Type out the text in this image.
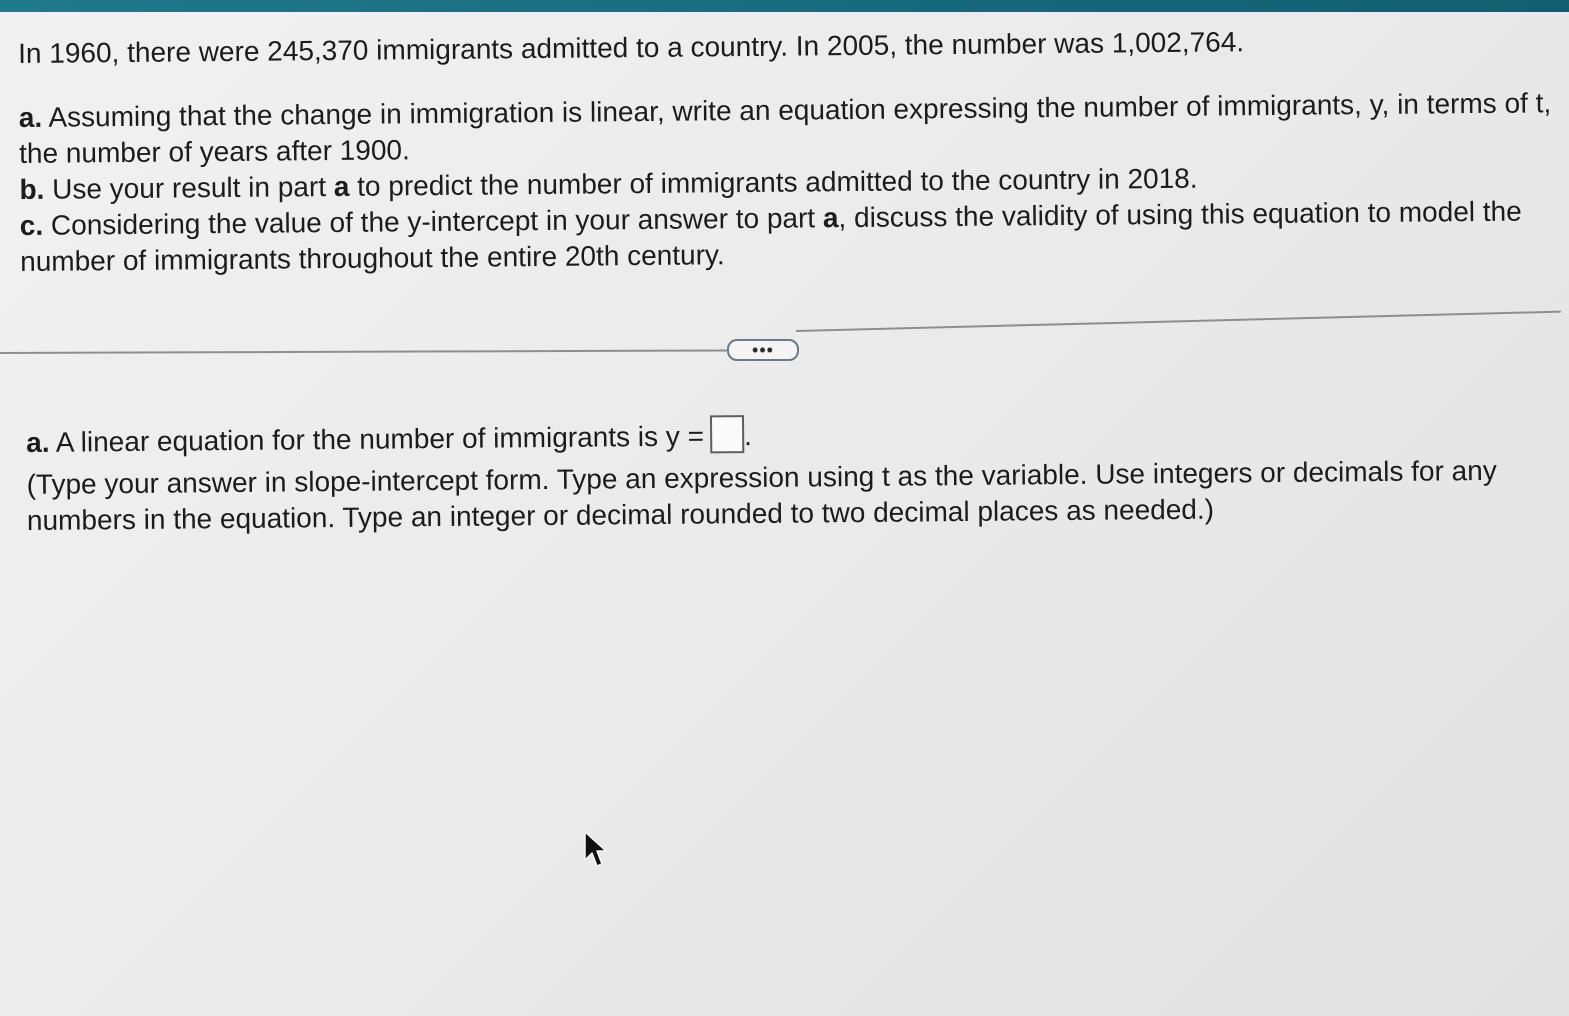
In 1960, there were 245,370 immigrants admitted to a country. In 2005, the number was 1,002,764.

a. Assuming that the change in immigration is linear, write an equation expressing the number of immigrants, y, in terms of t, the number of years after 1900.

b. Use your result in part a to predict the number of immigrants admitted to the country in 2018.

c. Considering the value of the y-intercept in your answer to part a, discuss the validity of using this equation to model the number of immigrants throughout the entire 20th century.

•••

a. A linear equation for the number of immigrants is y = .

(Type your answer in slope-intercept form. Type an expression using t as the variable. Use integers or decimals for any numbers in the equation. Type an integer or decimal rounded to two decimal places as needed.)
